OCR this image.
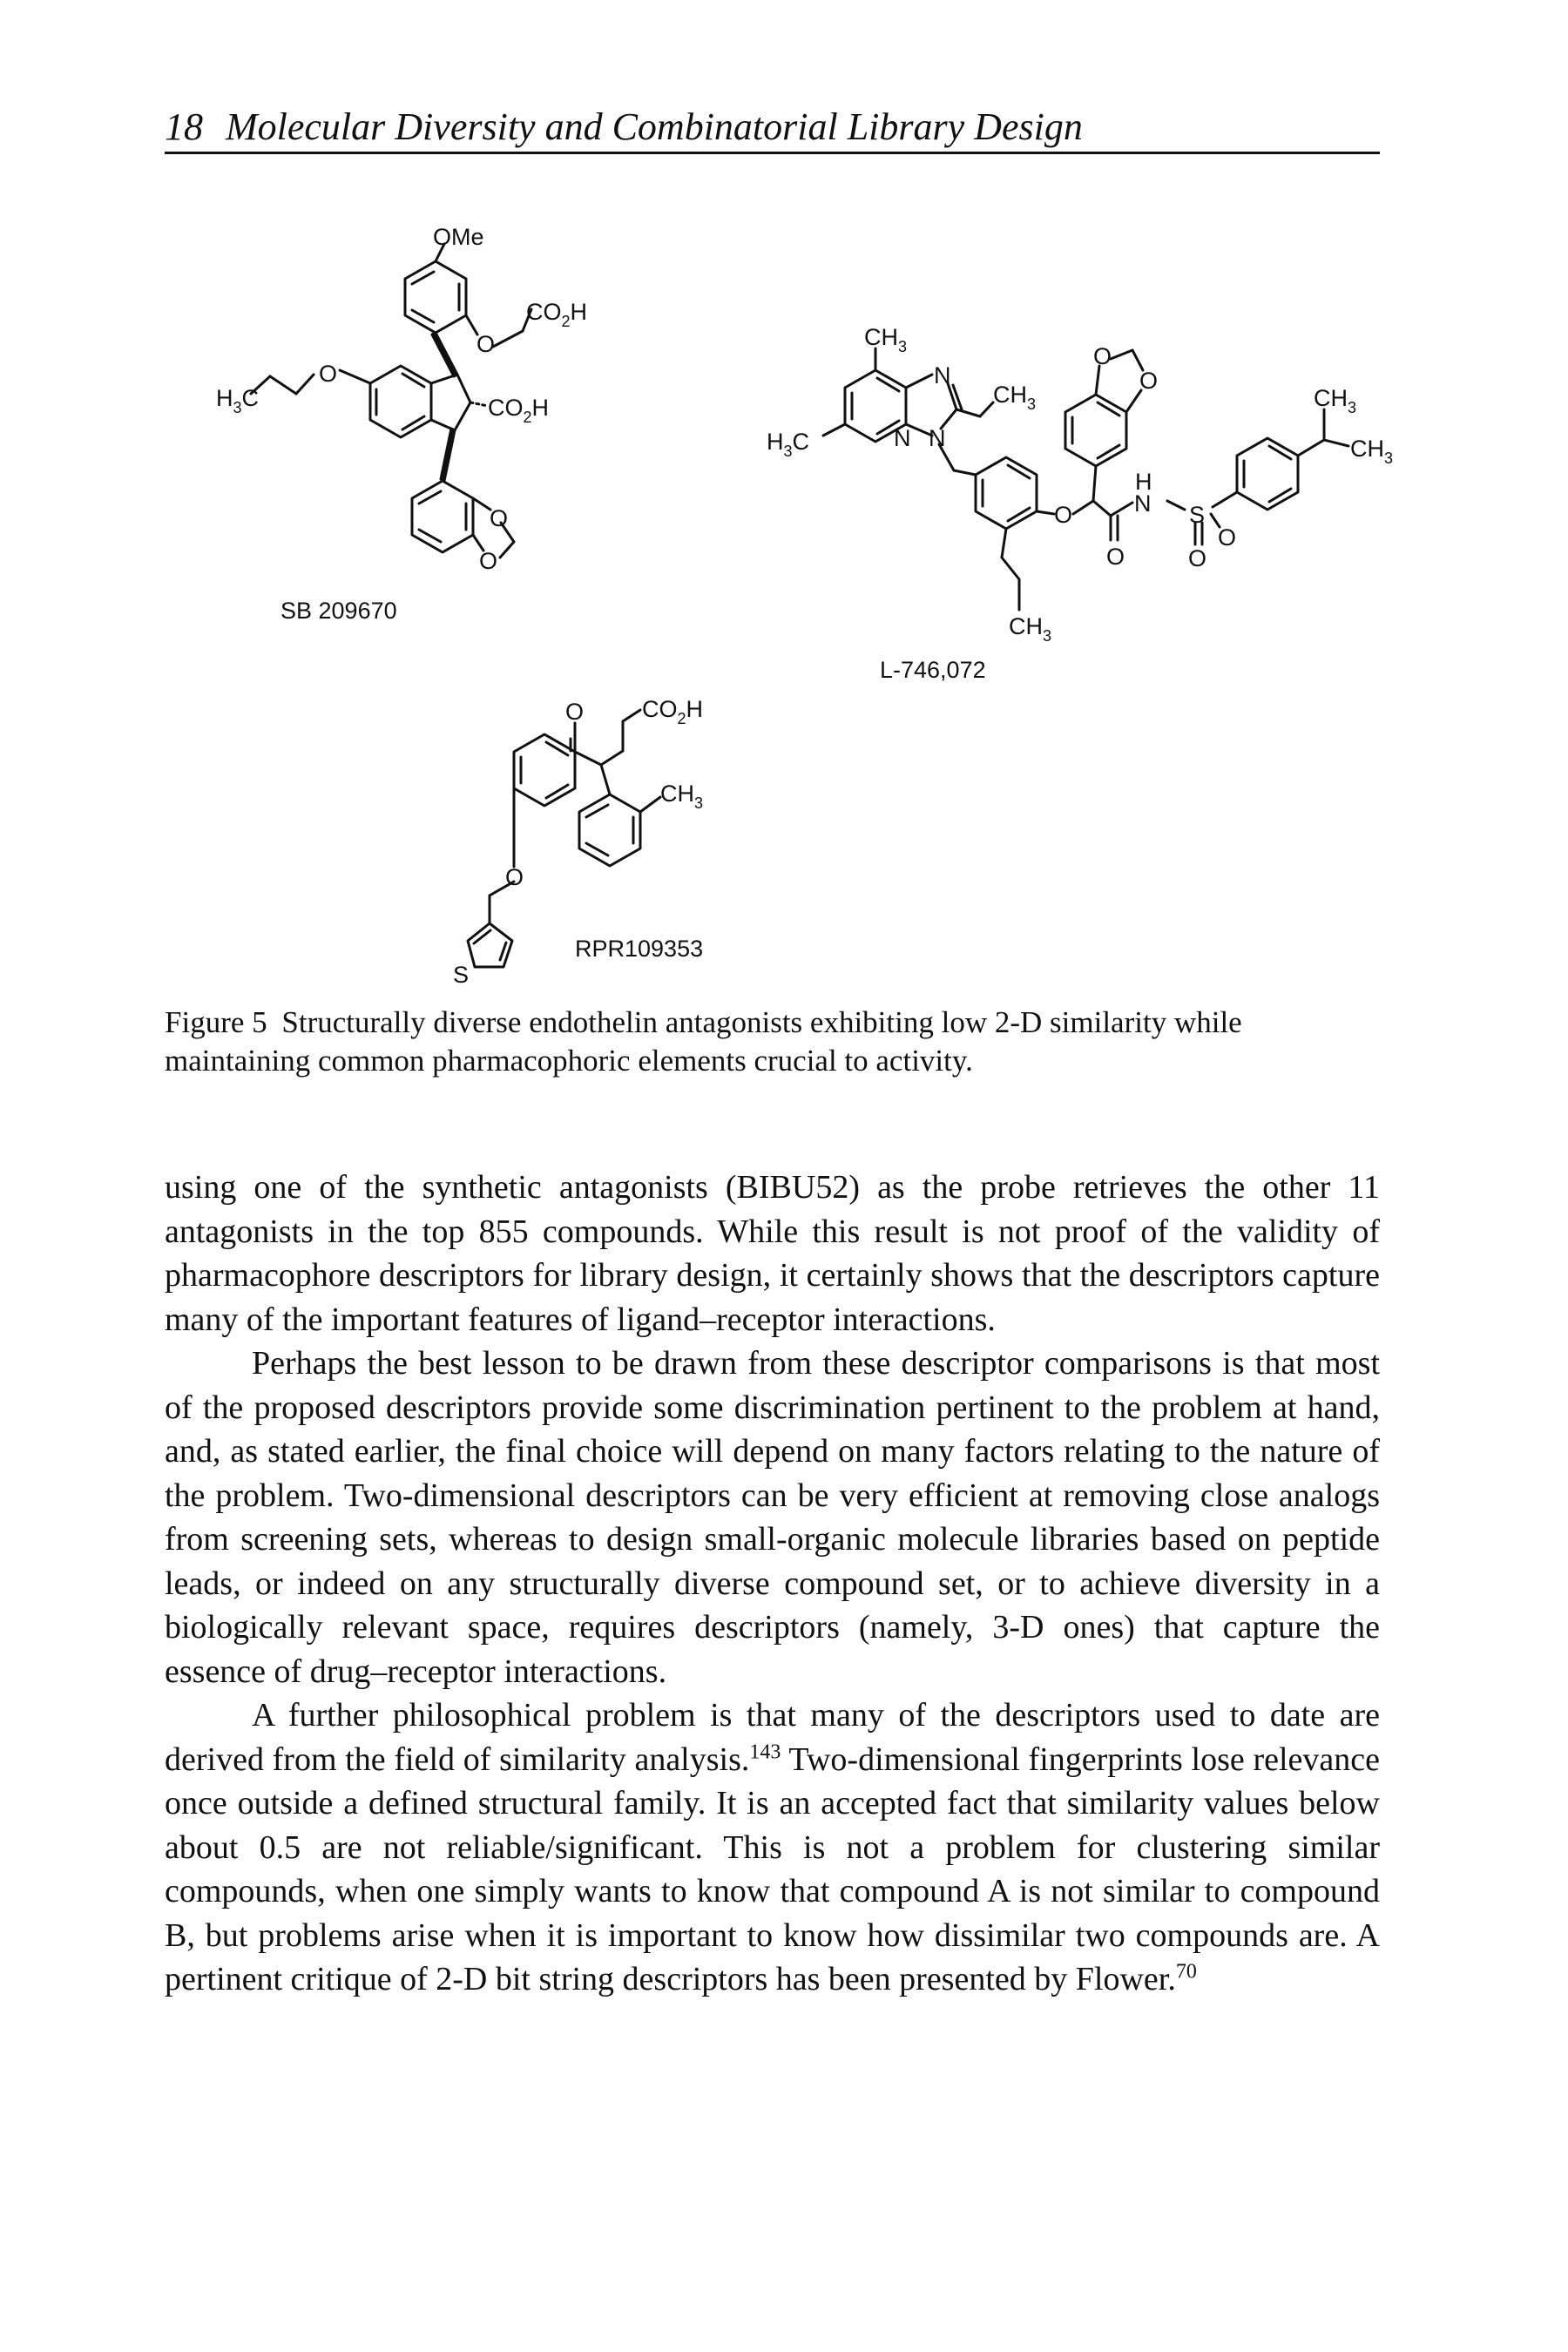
18 Molecular Diversity and Combinatorial Library Design
OMe
$CO_2H$
O
$H_3C$
O
$CO_2H$
O
O
SB 209670
$CH_3$
N
N N
$CH_3$
$H_3C$
O
O
O
H
N S
O
O
O
$CH_3$
$CH_3$
$CH_3$
L-746,072
O $CO_2H$
$CH_3$
O
S
RPR109353
Figure 5 Structurally diverse endothelin antagonists exhibiting low 2-D similarity while maintaining common pharmacophoric elements crucial to activity.

using one of the synthetic antagonists (BIBU52) as the probe retrieves the other 11 antagonists in the top 855 compounds. While this result is not proof of the validity of pharmacophore descriptors for library design, it certainly shows that the descriptors capture many of the important features of ligand–receptor interactions.

Perhaps the best lesson to be drawn from these descriptor comparisons is that most of the proposed descriptors provide some discrimination pertinent to the problem at hand, and, as stated earlier, the final choice will depend on many factors relating to the nature of the problem. Two-dimensional descriptors can be very efficient at removing close analogs from screening sets, whereas to design small-organic molecule libraries based on peptide leads, or indeed on any structurally diverse compound set, or to achieve diversity in a biologically relevant space, requires descriptors (namely, 3-D ones) that capture the essence of drug–receptor interactions.

A further philosophical problem is that many of the descriptors used to date are derived from the field of similarity analysis.$^{143}$ Two-dimensional fingerprints lose relevance once outside a defined structural family. It is an accepted fact that similarity values below about 0.5 are not reliable/significant. This is not a problem for clustering similar compounds, when one simply wants to know that compound A is not similar to compound B, but problems arise when it is important to know how dissimilar two compounds are. A pertinent critique of 2-D bit string descriptors has been presented by Flower.$^{70}$
